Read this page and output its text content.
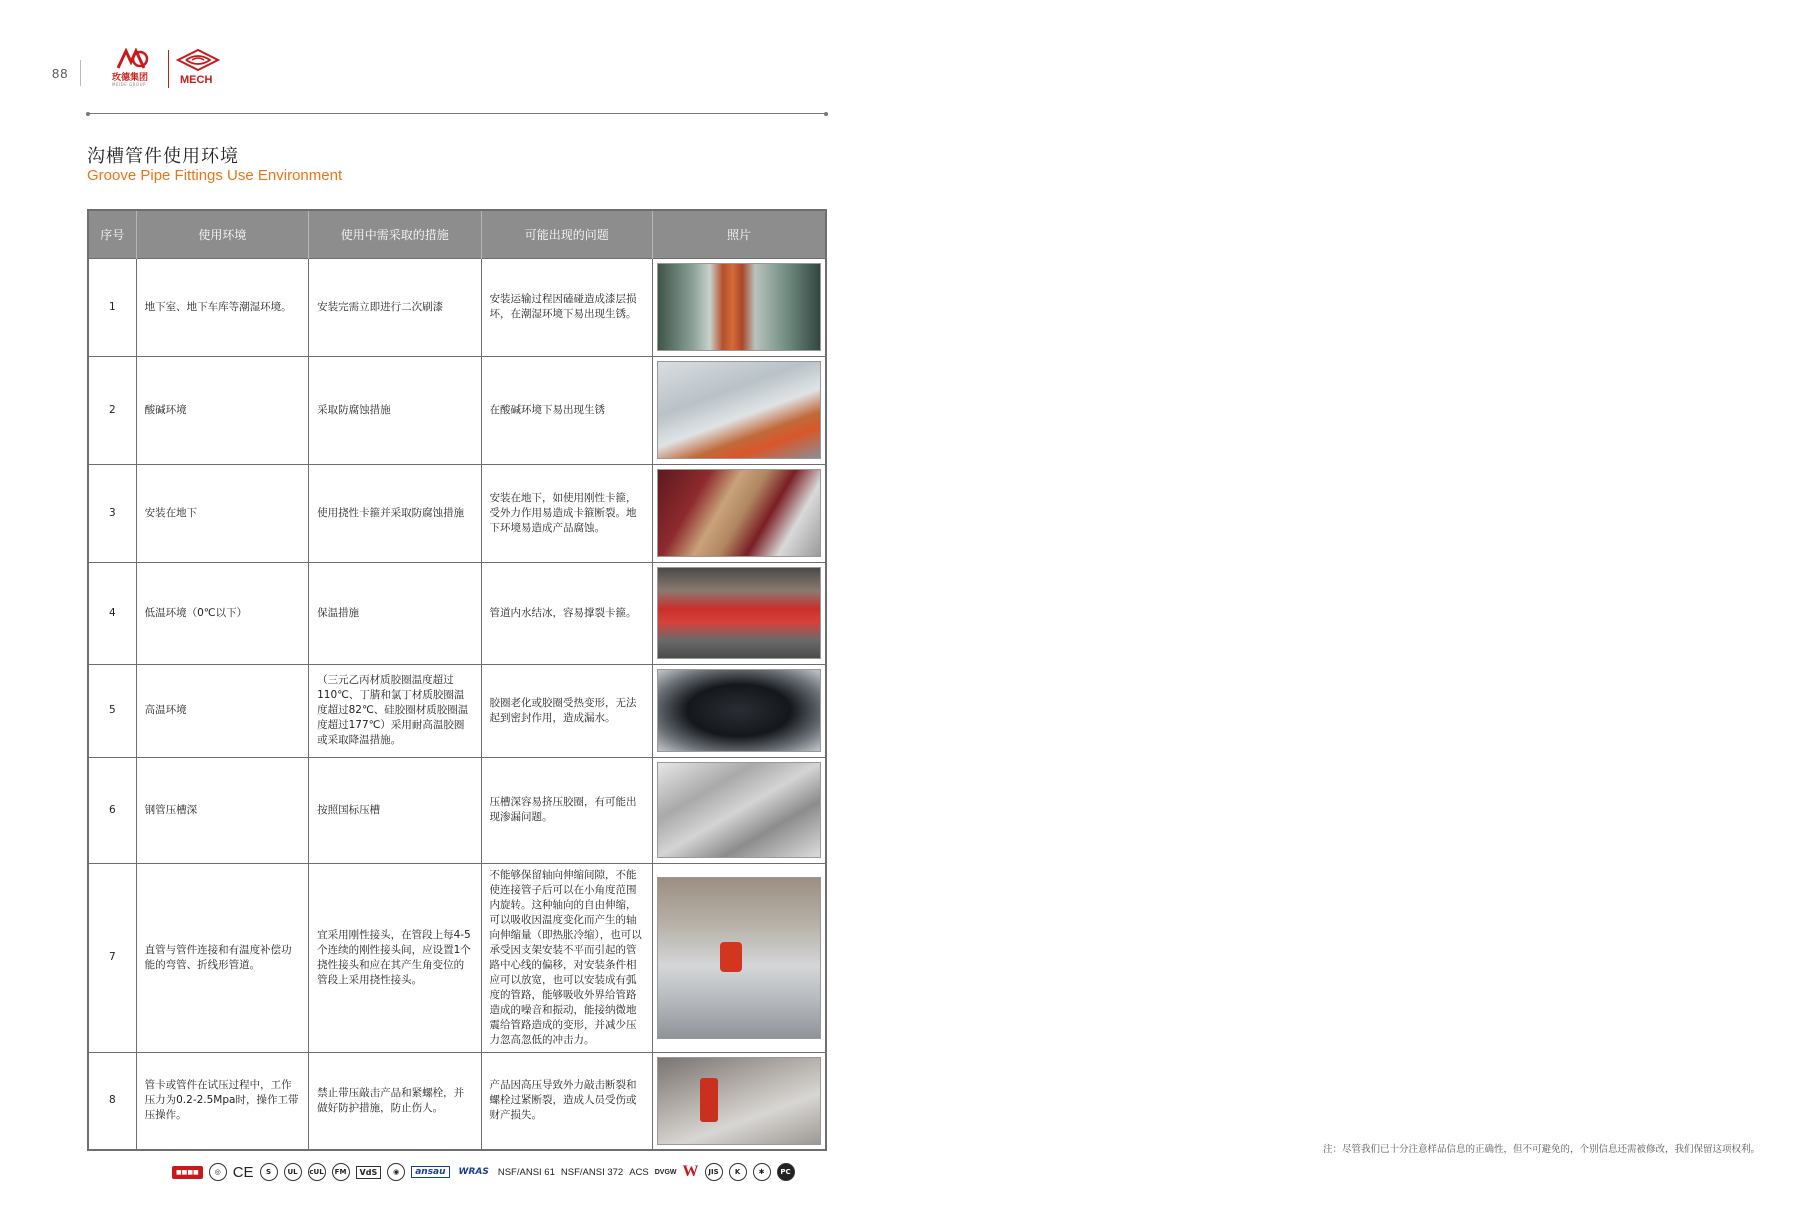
88	玫德集团
MEIDE GROUP	MECH
沟槽管件使用环境
Groove Pipe Fittings Use Environment
序号	使用环境	使用中需采取的措施	可能出现的问题	照片
1	地下室、地下车库等潮湿环境。	安装完需立即进行二次刷漆	安装运输过程因磕碰造成漆层损坏，在潮湿环境下易出现生锈。	

2	酸碱环境	采取防腐蚀措施	在酸碱环境下易出现生锈	

3	安装在地下	使用挠性卡箍并采取防腐蚀措施	安装在地下，如使用刚性卡箍，受外力作用易造成卡箍断裂。地下环境易造成产品腐蚀。	

4	低温环境（0℃以下）	保温措施	管道内水结冰，容易撑裂卡箍。	

5	高温环境	（三元乙丙材质胶圈温度超过110℃、丁腈和氯丁材质胶圈温度超过82℃、硅胶圈材质胶圈温度超过177℃）采用耐高温胶圈或采取降温措施。	胶圈老化或胶圈受热变形，无法起到密封作用，造成漏水。	

6	钢管压槽深	按照国标压槽	压槽深容易挤压胶圈，有可能出现渗漏问题。	

7	直管与管件连接和有温度补偿功能的弯管、折线形管道。	宜采用刚性接头，在管段上每4-5个连续的刚性接头间，应设置1个挠性接头和应在其产生角变位的管段上采用挠性接头。	不能够保留轴向伸缩间隙，不能使连接管子后可以在小角度范围内旋转。这种轴向的自由伸缩，可以吸收因温度变化而产生的轴向伸缩量（即热胀冷缩），也可以承受因支架安装不平而引起的管路中心线的偏移，对安装条件相应可以放宽，也可以安装成有弧度的管路，能够吸收外界给管路造成的噪音和振动，能接纳微地震给管路造成的变形，并减少压力忽高忽低的冲击力。	

8	管卡或管件在试压过程中，工作压力为0.2-2.5Mpa时，操作工带压操作。	禁止带压敲击产品和紧螺栓，并做好防护措施，防止伤人。	产品因高压导致外力敲击断裂和螺栓过紧断裂，造成人员受伤或财产损失。	
■■■■	◎ CE	S	UL	cUL	FM	VdS	◉	ansau	WRAS NSF/ANSI 61 NSF/ANSI 372 ACS DVGW W	JIS	K	✱	PC
注：尽管我们已十分注意样品信息的正确性，但不可避免的，个别信息还需被修改，我们保留这项权利。
